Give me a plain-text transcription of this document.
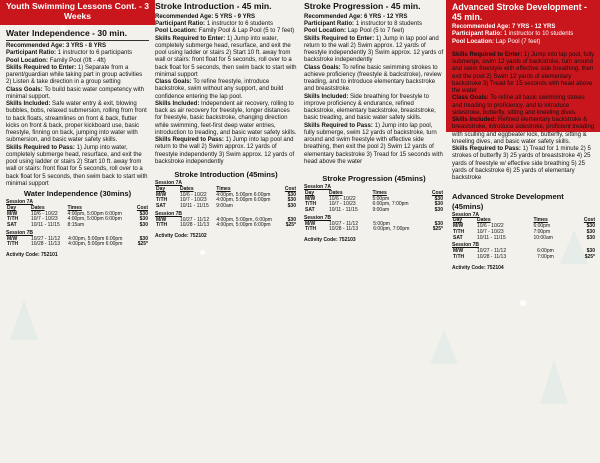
Youth Swimming Lessons Cont. - 3 Weeks
Water Independence - 30 min.

Recommended Age: 3 YRS - 8 YRS

Participant Ratio: 1 instructor to 6 participants

Pool Location: Family Pool (0ft - 4ft)

Skills Required to Enter: 1) Separate from a parent/guardian while taking part in group activities 2) Listen & take direction in a group setting

Class Goals: To build basic water competency with minimal support.

Skills Included: Safe water entry & exit, blowing bubbles, bobs, relaxed submersion, rolling from front to back floats, streamlines on front & back, flutter kicks on front & back, proper kickboard use, basic freestyle, finning on back, jumping into water with submersion, and basic water safety skills.

Skills Required to Pass: 1) Jump into water, completely submerge head, resurface, and exit the pool using ladder or stairs 2) Start 10 ft. away from wall or stairs: front float for 5 seconds, roll over to a back float for 5 seconds, then swim back to start with minimal support

Water Independence (30mins)
Session 7A
Day	Dates	Times	Cost
M/W	10/6 - 10/22	4:00pm, 5:00pm 6:00pm	$30
T/TH	10/7 - 10/23	4:00pm, 5:00pm 6:00pm	$30
SAT	10/11 - 11/15	8:15am	$30
Session 7B
M/W	10/27 - 11/12	4:00pm, 5:00pm 6:00pm	$30
T/TH	10/28 - 11/13	4:00pm, 5:00pm 6:00pm	$25*
Activity Code: 752101
Stroke Introduction - 45 min.

Recommended Age: 5 YRS - 9 YRS

Participant Ratio: 1 instructor to 6 students

Pool Location: Family Pool & Lap Pool (5 to 7 feet)

Skills Required to Enter: 1) Jump into water, completely submerge head, resurface, and exit the pool using ladder or stairs 2) Start 10 ft. away from wall or stairs: front float for 5 seconds, roll over to a back float for 5 seconds, then swim back to start with minimal support

Class Goals: To refine freestyle, introduce backstroke, swim without any support, and build confidence entering the lap pool.

Skills Included: Independent air recovery, rolling to back as air recovery for freestyle, longer distances for freestyle, basic backstroke, changing direction while swimming, feet-first deep water entries, introduction to treading, and basic water safety skills.

Skills Required to Pass: 1) Jump into lap pool and return to the wall 2) Swim approx. 12 yards of freestyle independently 3) Swim approx. 12 yards of backstroke independently

Stroke Introduction (45mins)
Session 7A
Day	Dates	Times	Cost
M/W	10/6 - 10/22	4:00pm, 5:00pm 6:00pm	$30
T/TH	10/7 - 10/23	4:00pm, 5:00pm 6:00pm	$30
SAT	10/11 - 11/15	9:00am	$30
Session 7B
M/W	10/27 - 11/12	4:00pm, 5:00pm, 6:00pm	$30
T/TH	10/28 - 11/13	4:00pm, 5:00pm 6:00pm	$25*
Activity Code: 752102
Stroke Progression - 45 min.

Recommended Age: 6 YRS - 12 YRS

Participant Ratio: 1 instructor to 8 students

Pool Location: Lap Pool (5 to 7 feet)

Skills Required to Enter: 1) Jump in lap pool and return to the wall 2) Swim approx. 12 yards of freestyle independently 3) Swim approx. 12 yards of backstroke independently

Class Goals: To refine basic swimming strokes to achieve proficiency (freestyle & backstroke), review treading, and to introduce elementary backstroke and breaststroke.

Skills Included: Side breathing for freestyle to improve proficiency & endurance, refined backstroke, elementary backstroke, breaststroke, basic treading, and basic water safety skills.

Skills Required to Pass: 1) Jump into lap pool, fully submerge, swim 12 yards of backstroke, turn around and swim freestyle with effective side breathing, then exit the pool 2) Swim 12 yards of elementary backstroke 3) Tread for 15 seconds with head above the water

Stroke Progression (45mins)
Session 7A
Day	Dates	Times	Cost
M/W	10/6 - 10/22	5:00pm	$30
T/TH	10/7 - 10/23	6:00pm, 7:00pm	$30
SAT	10/11 - 11/15	9:00am	$30
Session 7B
M/W	10/27 - 11/12	5:00pm	$30
T/TH	10/28 - 11/13	6:00pm, 7:00pm	$25*
Activity Code: 752103
Advanced Stroke Development - 45 min.

Recommended Age: 7 YRS - 12 YRS

Participant Ratio: 1 instructor to 10 students

Pool Location: Lap Pool (7 feet)

Skills Required to Enter: 1) Jump into lap pool, fully submerge, swim 12 yards of backstroke, turn around and swim freestyle with effective side breathing, then exit the pool 2) Swim 12 yards of elementary backstroke 3) Tread for 15 seconds with head above the water

Class Goals: To refine all basic swimming stokes and treading to proficiency, and to introduce sidestroke, butterfly, sitting and kneeling dives.

Skills Included: Refined elementary backstroke & breaststroke, introduce sidestroke, proficient treading with sculling and eggbeater kick, butterfly, sitting & kneeling dives, and basic water safety skills.

Skills Required to Pass: 1) Tread for 1 minute 2) 5 strokes of butterfly 3) 25 yards of breaststroke 4) 25 yards of freestyle w/ effective side breathing 5) 25 yards of backstroke 6) 25 yards of elementary backstroke

Advanced Stroke Development (45mins)
Session 7A
Day	Dates	Times	Cost
M/W	10/6 - 10/22	6:00pm	$30
T/TH	10/7 - 10/23	7:00pm	$30
SAT	10/11 - 11/15	10:00am	$30
Session 7B
M/W	10/27 - 11/12	6:00pm	$30
T/TH	10/28 - 11/13	7:00pm	$25*
Activity Code: 752104
